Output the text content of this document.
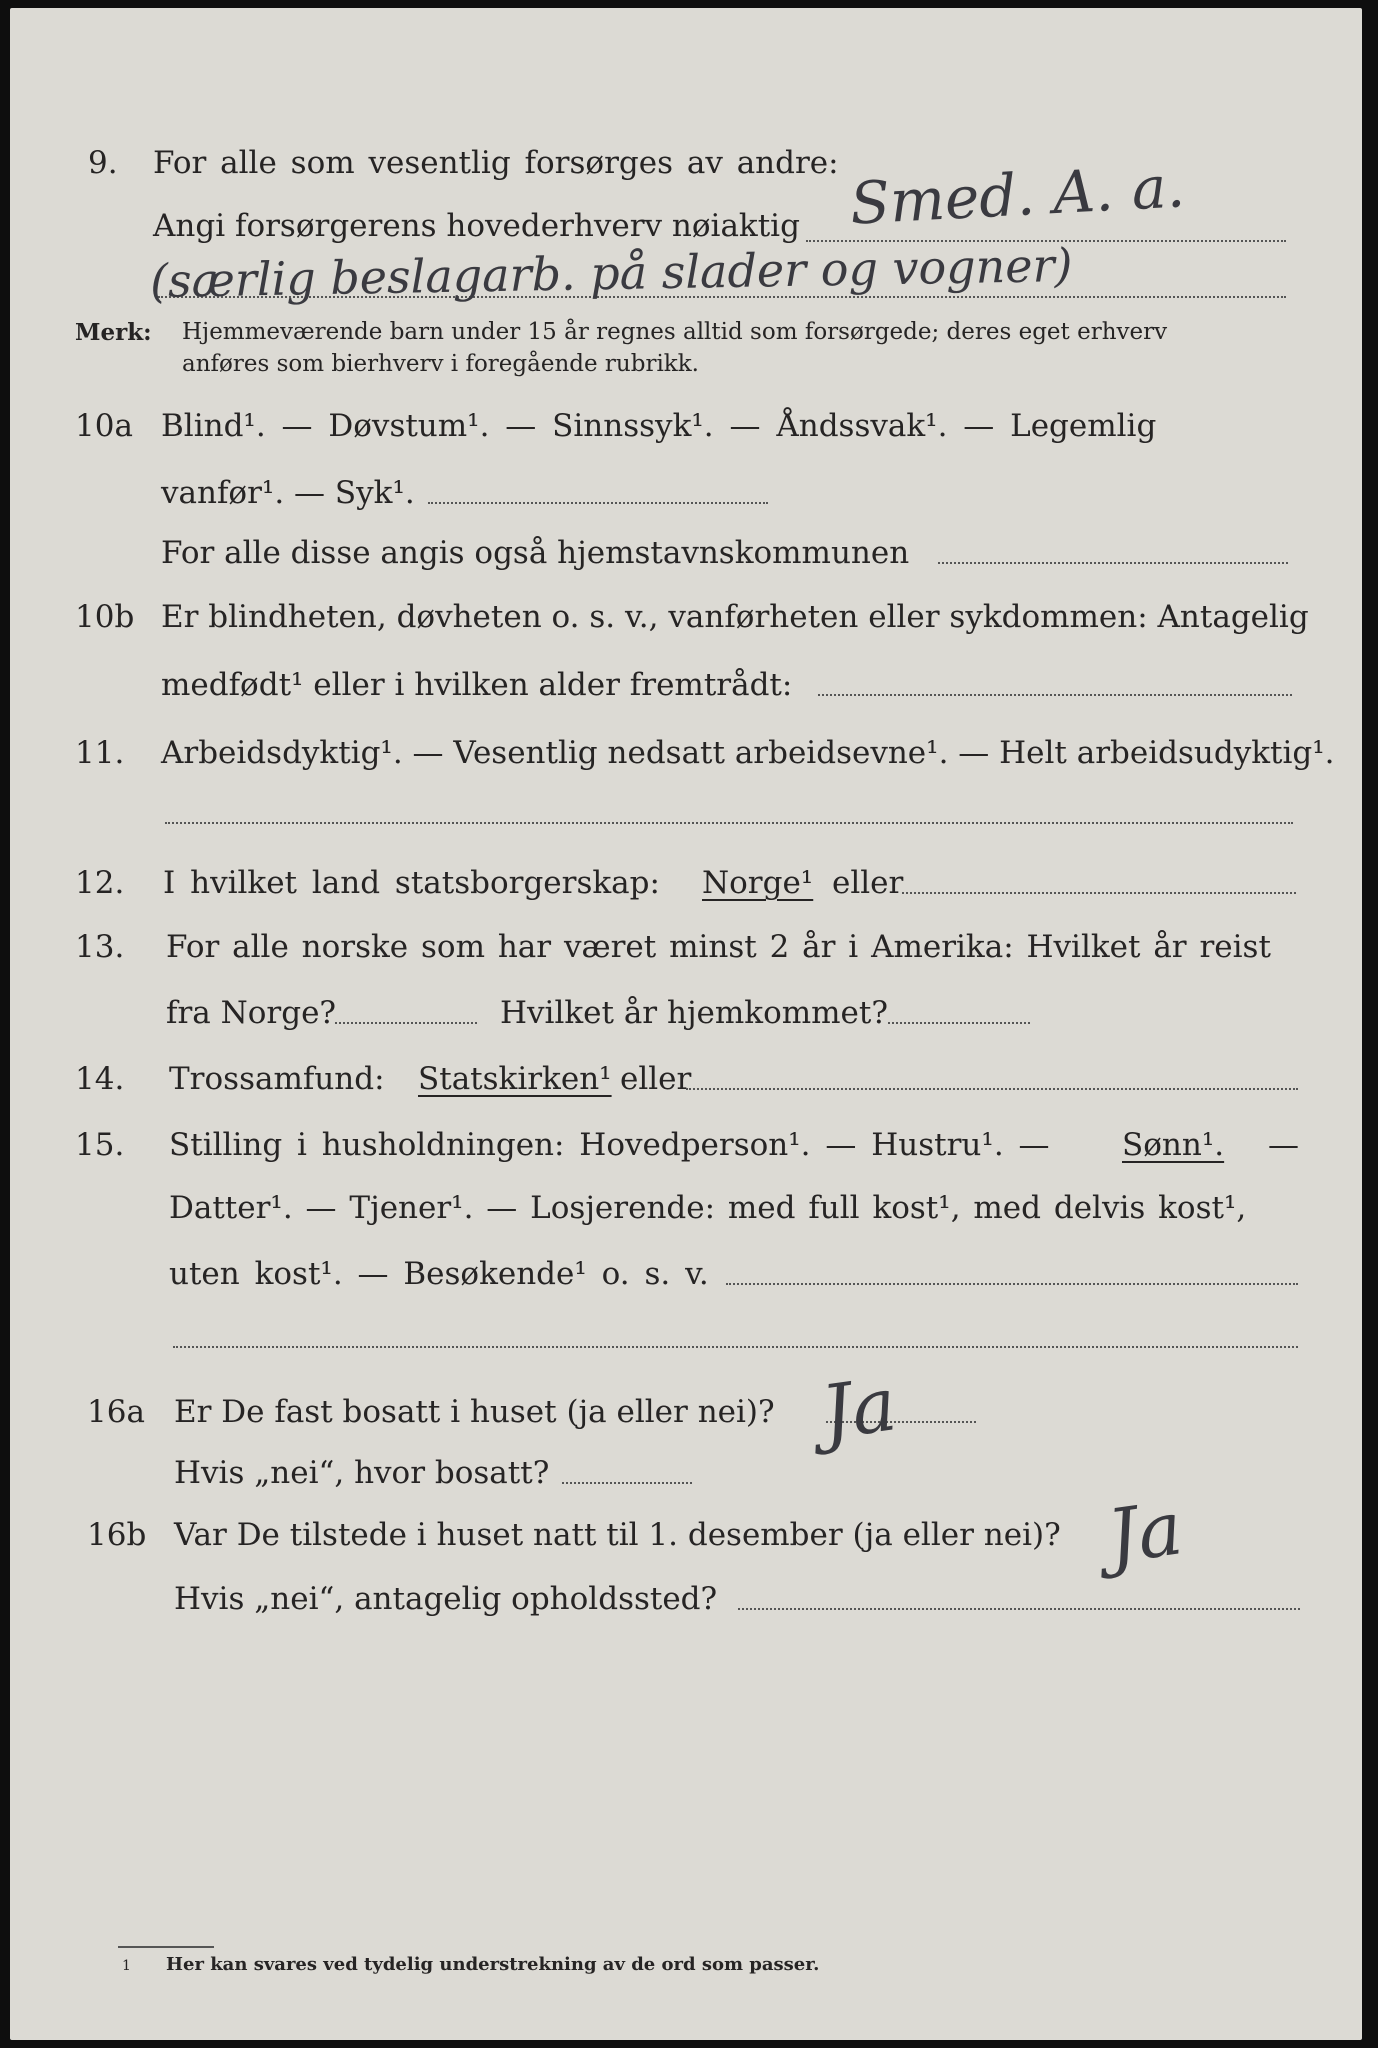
9. For alle som vesentlig forsørges av andre:
Angi forsørgerens hovederhverv nøiaktig Smed. A. a.
(særlig beslagarb. på slader og vogner)
Merk: Hjemmeværende barn under 15 år regnes alltid som forsørgede; deres eget erhverv
anføres som bierhverv i foregående rubrikk.
10a Blind¹. — Døvstum¹. — Sinnssyk¹. — Åndssvak¹. — Legemlig
vanfør¹. — Syk¹.
For alle disse angis også hjemstavnskommunen
10b Er blindheten, døvheten o. s. v., vanførheten eller sykdommen: Antagelig
medfødt¹ eller i hvilken alder fremtrådt:
11. Arbeidsdyktig¹. — Vesentlig nedsatt arbeidsevne¹. — Helt arbeidsudyktig¹.
12. I hvilket land statsborgerskap: Norge¹ eller
13. For alle norske som har været minst 2 år i Amerika: Hvilket år reist
fra Norge?	Hvilket år hjemkommet?
14. Trossamfund: Statskirken¹ eller
15. Stilling i husholdningen: Hovedperson¹. — Hustru¹. — Sønn¹. —
Datter¹. — Tjener¹. — Losjerende: med full kost¹, med delvis kost¹,
uten kost¹. — Besøkende¹ o. s. v.
16a Er De fast bosatt i huset (ja eller nei)? Ja
Hvis „nei“, hvor bosatt?
16b Var De tilstede i huset natt til 1. desember (ja eller nei)? Ja
Hvis „nei“, antagelig opholdssted?
1 Her kan svares ved tydelig understrekning av de ord som passer.
